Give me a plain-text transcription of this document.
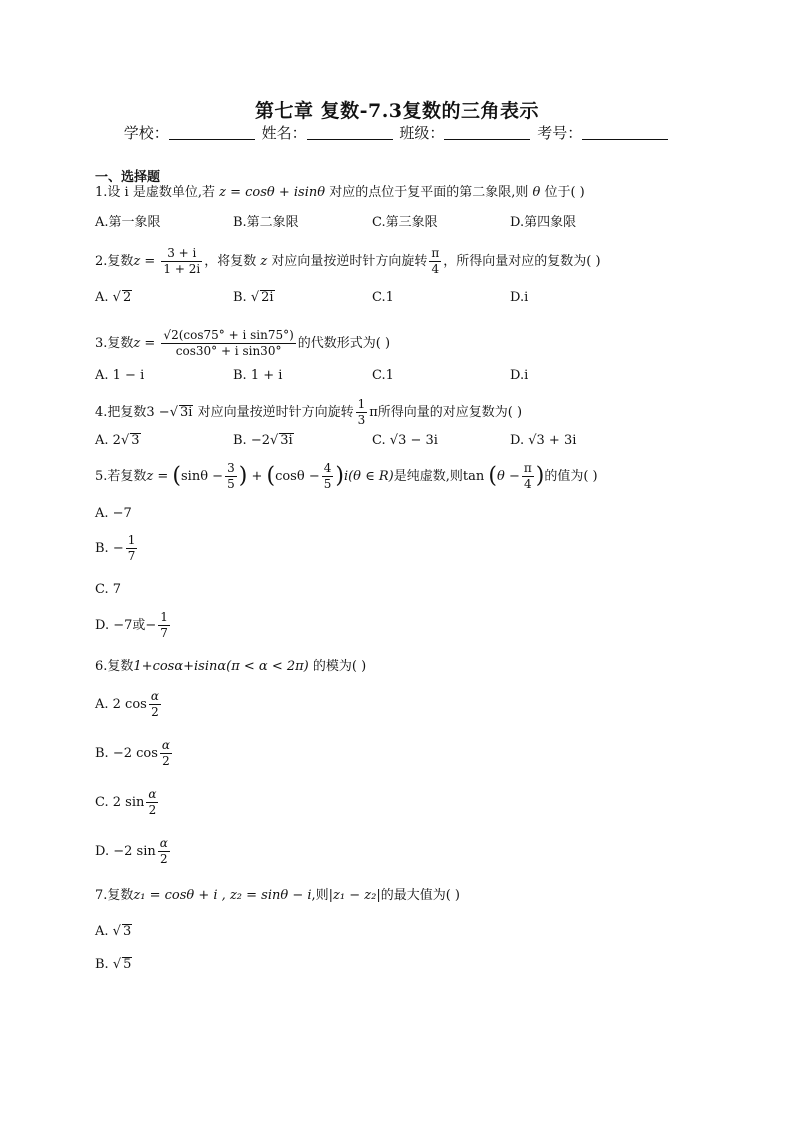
第七章 复数-7.3复数的三角表示
学校：	姓名：	班级：	考号：
一、选择题
1.设 i 是虚数单位,若 z = cosθ + isinθ 对应的点位于复平面的第二象限,则 θ 位于( )
A.第一象限	B.第二象限	C.第三象限	D.第四象限
2.复数$z = \frac{3 + i}{1 + 2i}$ ，将复数 z 对应向量按逆时针方向旋转 $\frac{\pi}{4}$ ，所得向量对应的复数为( )
A. √ 2	B. √ 2i	C.1	D.i
3.复数$z = \frac{\text{√2(cos75° + i sin75°)}}{\text{cos30° + i sin30°}}$ 的代数形式为( )
A. 1 − i	B. 1 + i	C.1	D.i
4.把复数3 −√ 3i 对应向量按逆时针方向旋转 $\frac{1}{3}$ π所得向量的对应复数为( )
A. 2√ 3	B. −2√ 3i	C. √3 − 3i	D. √3 + 3i
5.若复数$z = (\sin\theta - \frac{3}{5}$ ) + $(\cos\theta - \frac{4}{5} )i(\theta$ ∈ R)是纯虚数,则$\tan (\theta - \frac{\pi}{4}$ )的值为( )
A. −7
B. − $\frac{1}{7}$
C. 7
D. −7或− $\frac{1}{7}$
6.复数1+cosα+isinα(π < α < 2π) 的模为( )
A. 2 $\cos \frac{\alpha}{2}$
B. −2 $\cos \frac{\alpha}{2}$
C. 2 $\sin \frac{\alpha}{2}$
D. −2 $\sin \frac{\alpha}{2}$
7.复数z₁ = cosθ + i , z₂ = sinθ − i,则|z₁ − z₂|的最大值为( )
A. √ 3
B. √ 5
